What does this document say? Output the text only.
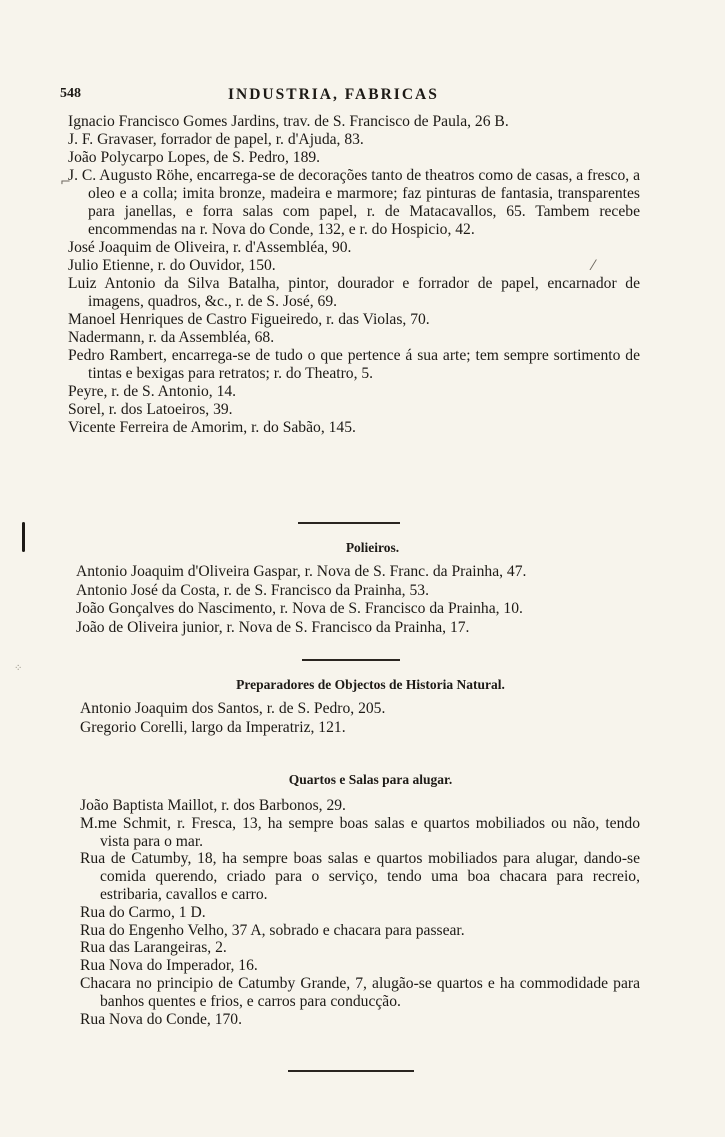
548	INDUSTRIA, FABRICAS
Ignacio Francisco Gomes Jardins, trav. de S. Francisco de Paula, 26 B.
J. F. Gravaser, forrador de papel, r. d'Ajuda, 83.
João Polycarpo Lopes, de S. Pedro, 189.
J. C. Augusto Röhe, encarrega-se de decorações tanto de theatros como de casas, a fresco, a oleo e a colla; imita bronze, madeira e marmore; faz pinturas de fantasia, transparentes para janellas, e forra salas com papel, r. de Matacavallos, 65. Tambem recebe encommendas na r. Nova do Conde, 132, e r. do Hospicio, 42.
José Joaquim de Oliveira, r. d'Assembléa, 90.
Julio Etienne, r. do Ouvidor, 150.
Luiz Antonio da Silva Batalha, pintor, dourador e forrador de papel, encarnador de imagens, quadros, &c., r. de S. José, 69.
Manoel Henriques de Castro Figueiredo, r. das Violas, 70.
Nadermann, r. da Assembléa, 68.
Pedro Rambert, encarrega-se de tudo o que pertence á sua arte; tem sempre sortimento de tintas e bexigas para retratos; r. do Theatro, 5.
Peyre, r. de S. Antonio, 14.
Sorel, r. dos Latoeiros, 39.
Vicente Ferreira de Amorim, r. do Sabão, 145.
Polieiros.
Antonio Joaquim d'Oliveira Gaspar, r. Nova de S. Franc. da Prainha, 47.
Antonio José da Costa, r. de S. Francisco da Prainha, 53.
João Gonçalves do Nascimento, r. Nova de S. Francisco da Prainha, 10.
João de Oliveira junior, r. Nova de S. Francisco da Prainha, 17.
Preparadores de Objectos de Historia Natural.
Antonio Joaquim dos Santos, r. de S. Pedro, 205.
Gregorio Corelli, largo da Imperatriz, 121.
Quartos e Salas para alugar.
João Baptista Maillot, r. dos Barbonos, 29.
M.me Schmit, r. Fresca, 13, ha sempre boas salas e quartos mobiliados ou não, tendo vista para o mar.
Rua de Catumby, 18, ha sempre boas salas e quartos mobiliados para alugar, dando-se comida querendo, criado para o serviço, tendo uma boa chacara para recreio, estribaria, cavallos e carro.
Rua do Carmo, 1 D.
Rua do Engenho Velho, 37 A, sobrado e chacara para passear.
Rua das Larangeiras, 2.
Rua Nova do Imperador, 16.
Chacara no principio de Catumby Grande, 7, alugão-se quartos e ha commodidade para banhos quentes e frios, e carros para conducção.
Rua Nova do Conde, 170.
⁘
⌐
⁄
